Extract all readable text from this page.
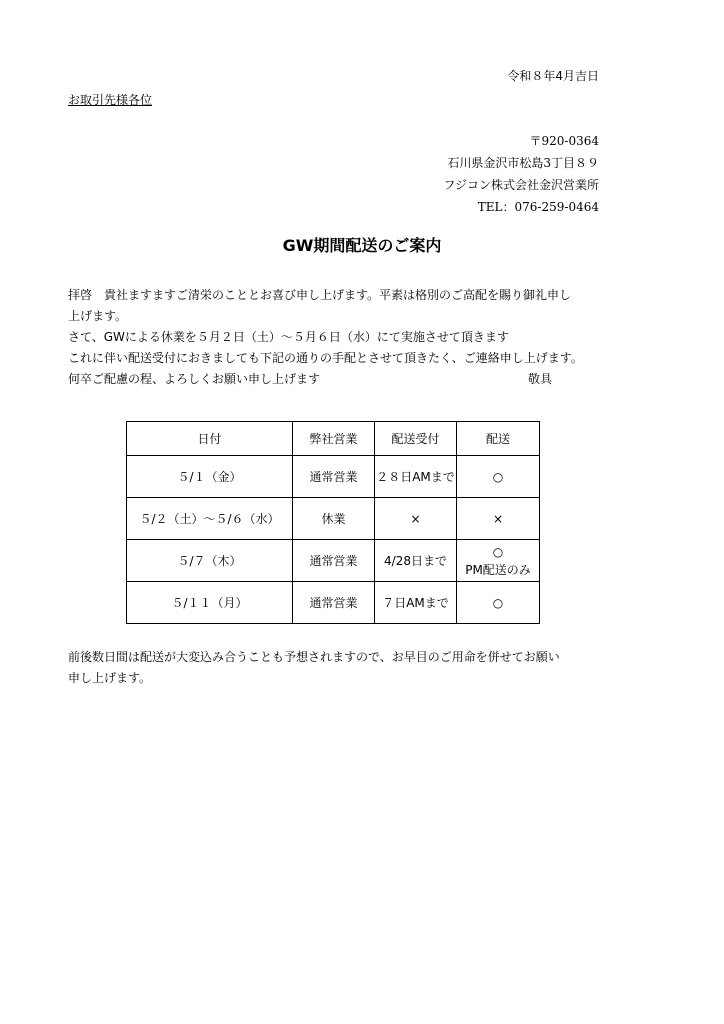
令和８年4月吉日
お取引先様各位
〒920-0364
石川県金沢市松島3丁目８９
フジコン株式会社金沢営業所
TEL：076-259-0464
GW期間配送のご案内
拝啓　貴社ますますご清栄のこととお喜び申し上げます。平素は格別のご高配を賜り御礼申し
上げます。
さて、GWによる休業を５月２日（土）～５月６日（水）にて実施させて頂きます
これに伴い配送受付におきましても下記の通りの手配とさせて頂きたく、ご連絡申し上げます。
何卒ご配慮の程、よろしくお願い申し上げます	敬具
日付	弊社営業	配送受付	配送
５/１（金）	通常営業	２８日AMまで	○

５/２（土）～５/６（水）	休業	×	×

５/７（木）	通常営業	4/28日まで	○
PM配送のみ

５/１１（月）	通常営業	７日AMまで	○
前後数日間は配送が大変込み合うことも予想されますので、お早目のご用命を併せてお願い
申し上げます。
